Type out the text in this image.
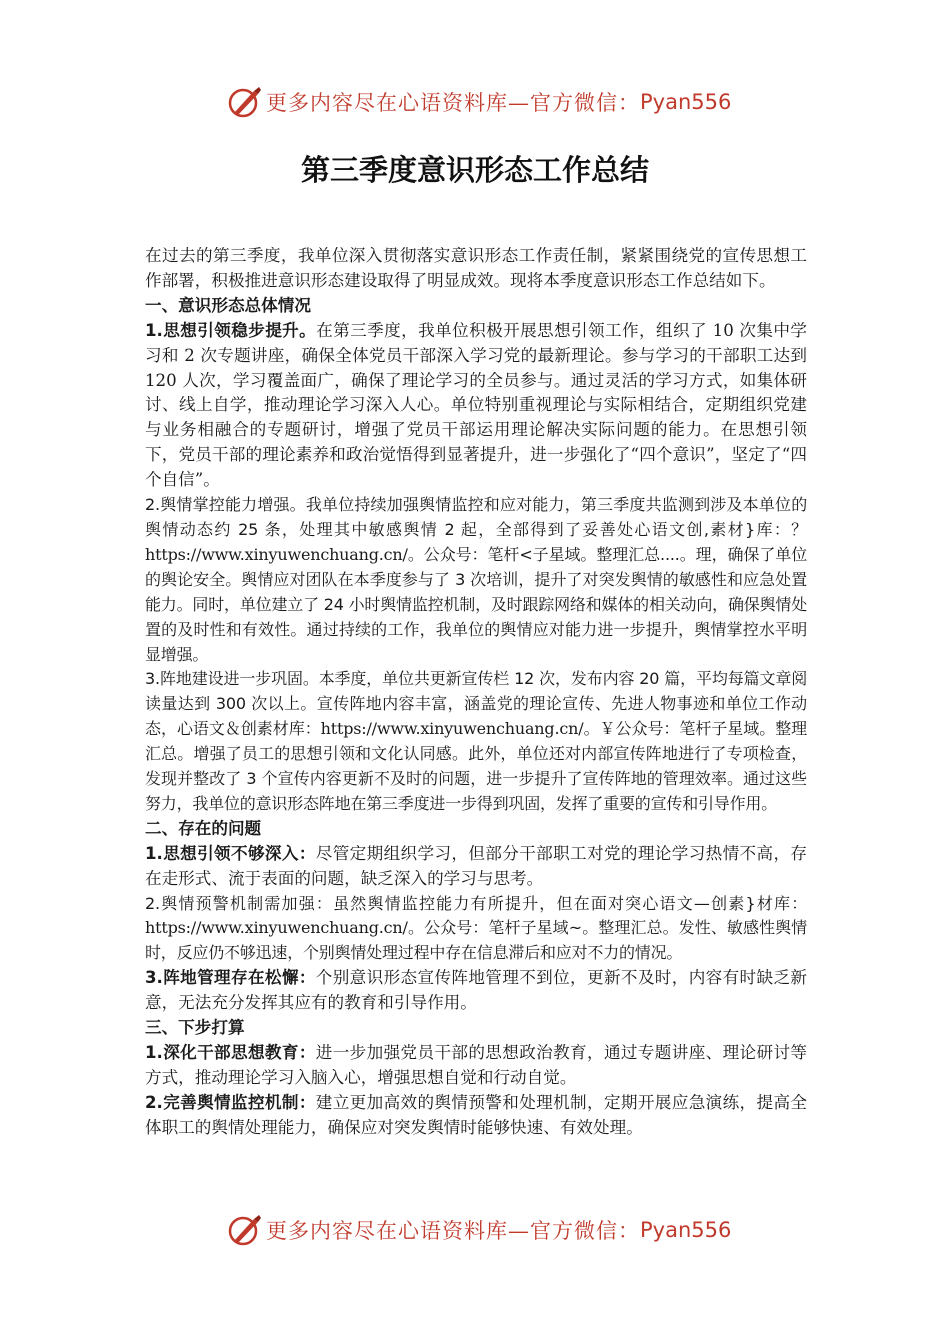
更多内容尽在心语资料库—官方微信： Pyan556
第三季度意识形态工作总结

在过去的第三季度，我单位深入贯彻落实意识形态工作责任制，紧紧围绕党的宣传思想工作部署，积极推进意识形态建设取得了明显成效。现将本季度意识形态工作总结如下。

一、意识形态总体情况

1.思想引领稳步提升。在第三季度，我单位积极开展思想引领工作，组织了 10 次集中学习和 2 次专题讲座，确保全体党员干部深入学习党的最新理论。参与学习的干部职工达到 120 人次，学习覆盖面广，确保了理论学习的全员参与。通过灵活的学习方式，如集体研讨、线上自学，推动理论学习深入人心。单位特别重视理论与实际相结合，定期组织党建与业务相融合的专题研讨，增强了党员干部运用理论解决实际问题的能力。在思想引领下，党员干部的理论素养和政治觉悟得到显著提升，进一步强化了“四个意识”，坚定了“四个自信”。

2.舆情掌控能力增强。我单位持续加强舆情监控和应对能力，第三季度共监测到涉及本单位的舆情动态约 25 条，处理其中敏感舆情 2 起，全部得到了妥善处心语文创,素材}库：？https://www.xinyuwenchuang.cn/。公众号：笔杆<子星域。整理汇总....。理，确保了单位的舆论安全。舆情应对团队在本季度参与了 3 次培训，提升了对突发舆情的敏感性和应急处置能力。同时，单位建立了 24 小时舆情监控机制，及时跟踪网络和媒体的相关动向，确保舆情处置的及时性和有效性。通过持续的工作，我单位的舆情应对能力进一步提升，舆情掌控水平明显增强。

3.阵地建设进一步巩固。本季度，单位共更新宣传栏 12 次，发布内容 20 篇，平均每篇文章阅读量达到 300 次以上。宣传阵地内容丰富，涵盖党的理论宣传、先进人物事迹和单位工作动态，心语文＆创素材库：https://www.xinyuwenchuang.cn/。￥公众号：笔杆子星域。整理汇总。增强了员工的思想引领和文化认同感。此外，单位还对内部宣传阵地进行了专项检查，发现并整改了 3 个宣传内容更新不及时的问题，进一步提升了宣传阵地的管理效率。通过这些努力，我单位的意识形态阵地在第三季度进一步得到巩固，发挥了重要的宣传和引导作用。

二、存在的问题

1.思想引领不够深入：尽管定期组织学习，但部分干部职工对党的理论学习热情不高，存在走形式、流于表面的问题，缺乏深入的学习与思考。

2.舆情预警机制需加强：虽然舆情监控能力有所提升，但在面对突心语文—创素}材库：https://www.xinyuwenchuang.cn/。公众号：笔杆子星域~。整理汇总。发性、敏感性舆情时，反应仍不够迅速，个别舆情处理过程中存在信息滞后和应对不力的情况。

3.阵地管理存在松懈：个别意识形态宣传阵地管理不到位，更新不及时，内容有时缺乏新意，无法充分发挥其应有的教育和引导作用。

三、下步打算

1.深化干部思想教育：进一步加强党员干部的思想政治教育，通过专题讲座、理论研讨等方式，推动理论学习入脑入心，增强思想自觉和行动自觉。

2.完善舆情监控机制：建立更加高效的舆情预警和处理机制，定期开展应急演练，提高全体职工的舆情处理能力，确保应对突发舆情时能够快速、有效处理。

更多内容尽在心语资料库—官方微信： Pyan556
